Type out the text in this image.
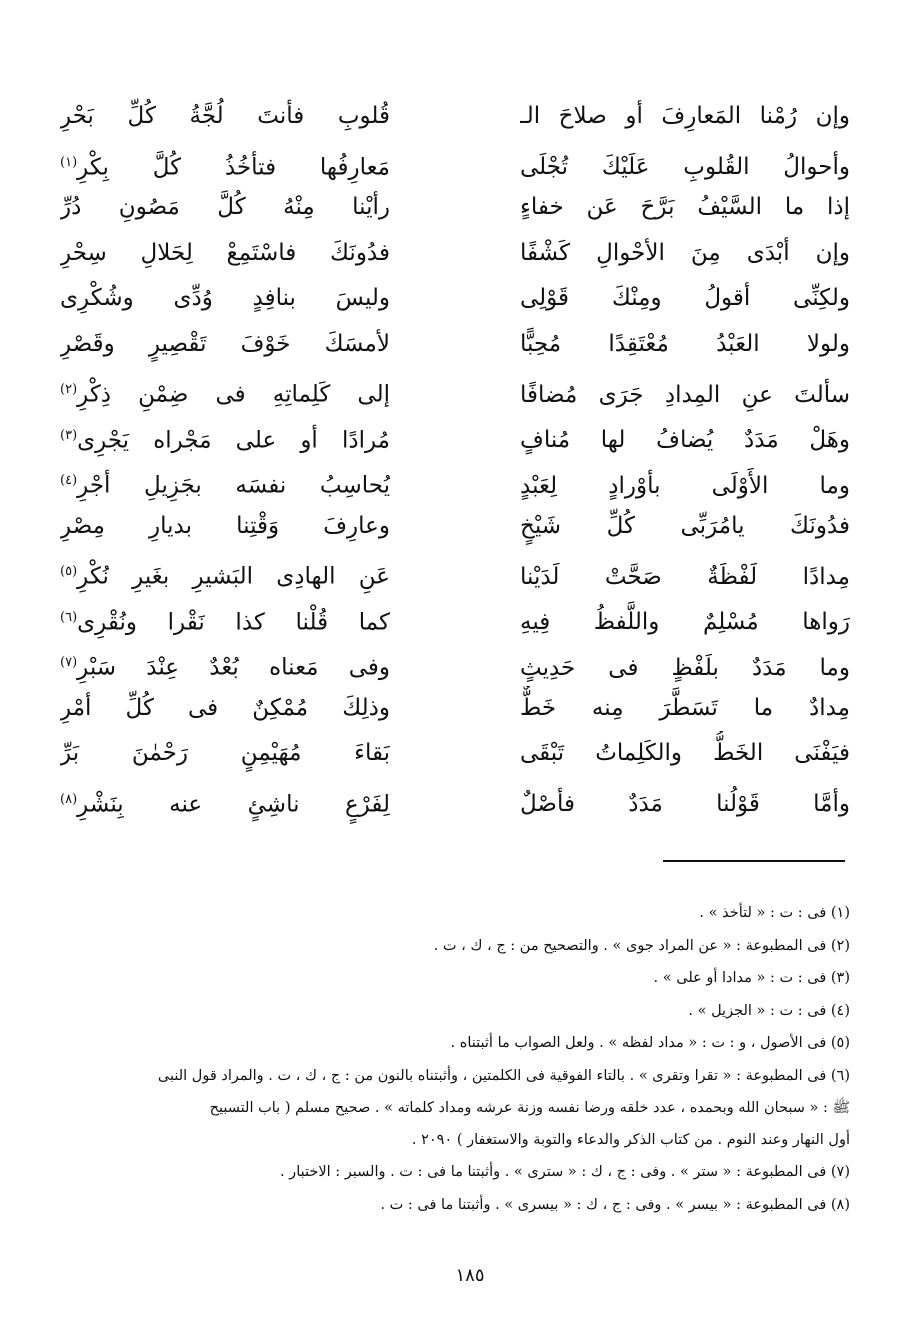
وإن رُمْنا المَعارِفَ أو صلاحَ الـ
قُلوبِ فأنتَ لُجَّةُ كُلِّ بَحْرِ
وأحوالُ القُلوبِ عَلَيْكَ تُجْلَى
مَعارِفُها فتأخُذُ كُلَّ بِكْرِ$^{(١)}$
إذا ما السَّيْفُ بَرَّحَ عَن خفاءٍ
رأيْنا مِنْهُ كُلَّ مَصُونِ دُرِّ
وإن أبْدَى مِنَ الأحْوالِ كَشْفًا
فدُونَكَ فاسْتَمِعْ لِحَلالِ سِحْرِ
ولكِنِّى أقولُ ومِنْكَ قَوْلِى
وليسَ بنافِدٍ وُدِّى وشُكْرِى
ولولا العَبْدُ مُعْتَقِدًا مُحِبًّا
لأمسَكَ خَوْفَ تَقْصِيرٍ وقَصْرِ
سألتَ عنِ المِدادِ جَرَى مُضافًا
إلى كَلِماتِهِ فى ضِمْنِ ذِكْرِ$^{(٢)}$
وهَلْ مَدَدٌ يُضافُ لها مُنافٍ
مُرادًا أو على مَجْراه يَجْرِى$^{(٣)}$
وما الأَوْلَى بأوْرادٍ لِعَبْدٍ
يُحاسِبُ نفسَه بجَزِيلِ أجْرِ$^{(٤)}$
فدُونَكَ يامُرَبِّى كُلِّ شَيْخٍ
وعارِفَ وَقْتِنا بديارِ مِصْرِ
مِدادًا لَفْظَةٌ صَحَّتْ لَدَيْنا
عَنِ الهادِى البَشيرِ بغَيرِ نُكْرِ$^{(٥)}$
رَواها مُسْلِمٌ واللَّفظُ فِيهِ
كما قُلْنا كذا نَقْرا ونُقْرِى$^{(٦)}$
وما مَدَدٌ بلَفْظٍ فى حَدِيثٍ
وفى مَعناه بُعْدٌ عِنْدَ سَبْرِ$^{(٧)}$
مِدادٌ ما تَسَطَّرَ مِنه خَطٌّ
وذلِكَ مُمْكِنٌ فى كُلِّ أمْرِ
فيَفْنَى الخَطُّ والكَلِماتُ تَبْقَى
بَقاءَ مُهَيْمِنٍ رَحْمٰنَ بَرِّ
وأمَّا قَوْلُنا مَدَدٌ فأصْلٌ
لِفَرْعٍ ناشِئٍ عنه بِنَشْرِ$^{(٨)}$
(١) فى : ت : « لتأخذ » .
(٢) فى المطبوعة : « عن المراد جوى » . والتصحيح من : ج ، ك ، ت .
(٣) فى : ت : « مدادا أو على » .
(٤) فى : ت : « الجزيل » .
(٥) فى الأصول ، و : ت : « مداد لفظه » . ولعل الصواب ما أثبتناه .
(٦) فى المطبوعة : « تقرا وتقرى » . بالتاء الفوقية فى الكلمتين ، وأثبتناه بالنون من : ج ، ك ، ت . والمراد قول النبى
ﷺ : « سبحان الله وبحمده ، عدد خلقه ورضا نفسه وزنة عرشه ومداد كلماته » . صحيح مسلم ( باب التسبيح
أول النهار وعند النوم . من كتاب الذكر والدعاء والتوبة والاستغفار ) ٢٠٩٠ .
(٧) فى المطبوعة : « ستر » . وفى : ج ، ك : « سترى » . وأثبتنا ما فى : ت . والسبر : الاختبار .
(٨) فى المطبوعة : « بيسر » . وفى : ج ، ك : « بيسرى » . وأثبتنا ما فى : ت .
١٨٥
